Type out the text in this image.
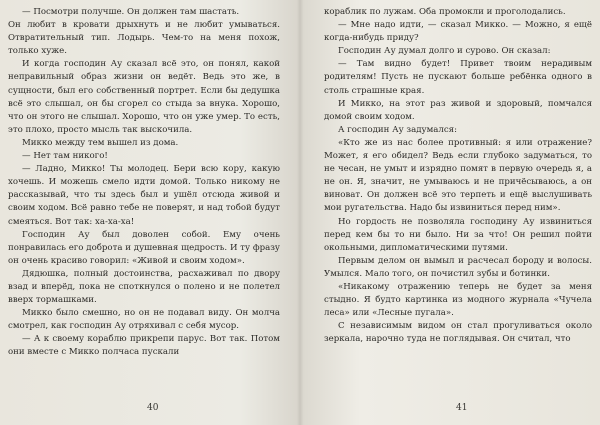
— Посмотри получше. Он должен там шастать.

Он любит в кровати дрыхнуть и не любит умываться. Отвратительный тип. Лодырь. Чем-то на меня похож, только хуже.

И когда господин Ау сказал всё это, он понял, какой неправильный образ жизни он ведёт. Ведь это же, в сущности, был его собственный портрет. Если бы дедушка всё это слышал, он бы сгорел со стыда за внука. Хорошо, что он этого не слышал. Хорошо, что он уже умер. То есть, это плохо, просто мысль так выскочила.

Микко между тем вышел из дома.

— Нет там никого!

— Ладно, Микко! Ты молодец. Бери всю кору, какую хочешь. И можешь смело идти домой. Только никому не рассказывай, что ты здесь был и ушёл отсюда живой и своим ходом. Всё равно тебе не поверят, и над тобой будут смеяться. Вот так: ха-ха-ха!

Господин Ау был доволен собой. Ему очень понравилась его доброта и душевная щедрость. И ту фразу он очень красиво говорил: «Живой и своим ходом».

Дядюшка, полный достоинства, расхаживал по двору взад и вперёд, пока не споткнулся о полено и не полетел вверх тормашками.

Микко было смешно, но он не подавал виду. Он молча смотрел, как господин Ау отряхивал с себя мусор.

— А к своему кораблю прикрепи парус. Вот так. Потом они вместе с Микко полчаса пускали

40

кораблик по лужам. Оба промокли и проголодались.

— Мне надо идти, — сказал Микко. — Можно, я ещё когда-нибудь приду?

Господин Ау думал долго и сурово. Он сказал:

— Там видно будет! Привет твоим нерадивым родителям! Пусть не пускают больше ребёнка одного в столь страшные края.

И Микко, на этот раз живой и здоровый, помчался домой своим ходом.

А господин Ау задумался:

«Кто же из нас более противный: я или отражение? Может, я его обидел? Ведь если глубоко задуматься, то не чесан, не умыт и изрядно помят в первую очередь я, а не он. Я, значит, не умываюсь и не причёсываюсь, а он виноват. Он должен всё это терпеть и ещё выслушивать мои ругательства. Надо бы извиниться перед ним».

Но гордость не позволяла господину Ау извиниться перед кем бы то ни было. Ни за что! Он решил пойти окольными, дипломатическими путями.

Первым делом он вымыл и расчесал бороду и волосы. Умылся. Мало того, он почистил зубы и ботинки.

«Никакому отражению теперь не будет за меня стыдно. Я будто картинка из модного журнала «Чучела леса» или «Лесные пугала».

С независимым видом он стал прогуливаться около зеркала, нарочно туда не поглядывая. Он считал, что

41
